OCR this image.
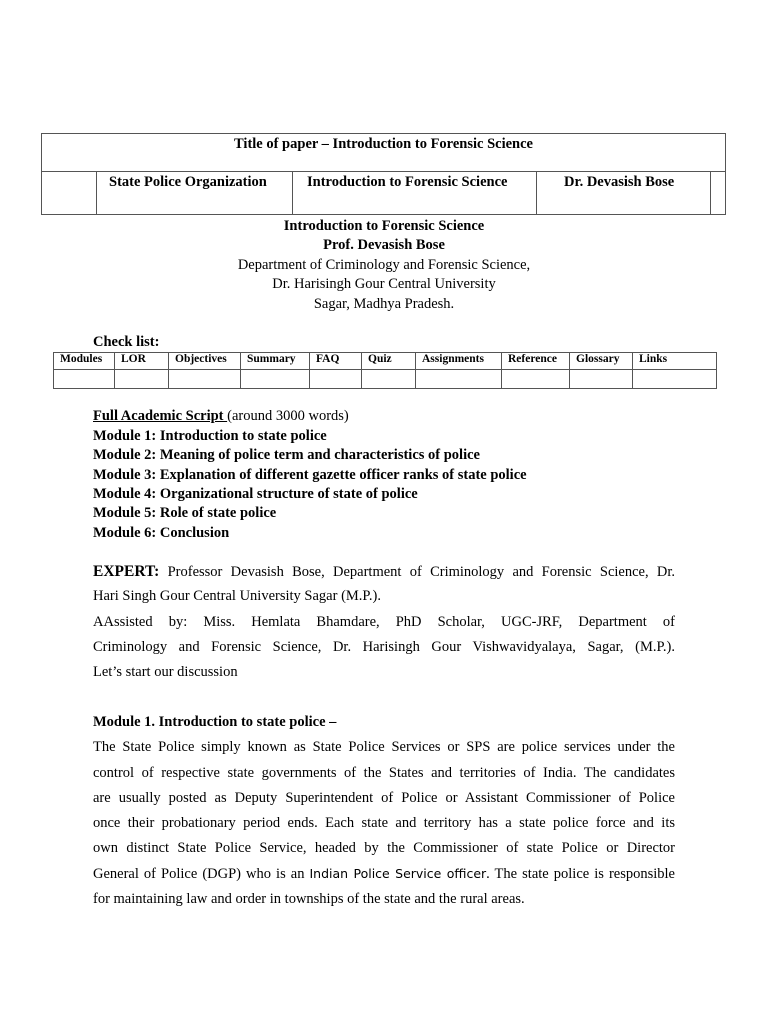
Title of paper – Introduction to Forensic Science
State Police Organization	Introduction to Forensic Science	Dr. Devasish Bose
Introduction to Forensic Science
Prof. Devasish Bose
Department of Criminology and Forensic Science,
Dr. Harisingh Gour Central University
Sagar, Madhya Pradesh.
Check list:
Modules	LOR	Objectives	Summary	FAQ	Quiz	Assignments	Reference	Glossary	Links

Full Academic Script (around 3000 words)
Module 1: Introduction to state police
Module 2: Meaning of police term and characteristics of police
Module 3: Explanation of different gazette officer ranks of state police
Module 4: Organizational structure of state of police
Module 5: Role of state police
Module 6: Conclusion
EXPERT: Professor Devasish Bose, Department of Criminology and Forensic Science, Dr.
Hari Singh Gour Central University Sagar (M.P.).
AAssisted by: Miss. Hemlata Bhamdare, PhD Scholar, UGC-JRF, Department of
Criminology and Forensic Science, Dr. Harisingh Gour Vishwavidyalaya, Sagar, (M.P.).
Let’s start our discussion
Module 1. Introduction to state police –
The State Police simply known as State Police Services or SPS are police services under the
control of respective state governments of the States and territories of India. The candidates
are usually posted as Deputy Superintendent of Police or Assistant Commissioner of Police
once their probationary period ends. Each state and territory has a state police force and its
own distinct State Police Service, headed by the Commissioner of state Police or Director
General of Police (DGP) who is an Indian Police Service officer. The state police is responsible
for maintaining law and order in townships of the state and the rural areas.
